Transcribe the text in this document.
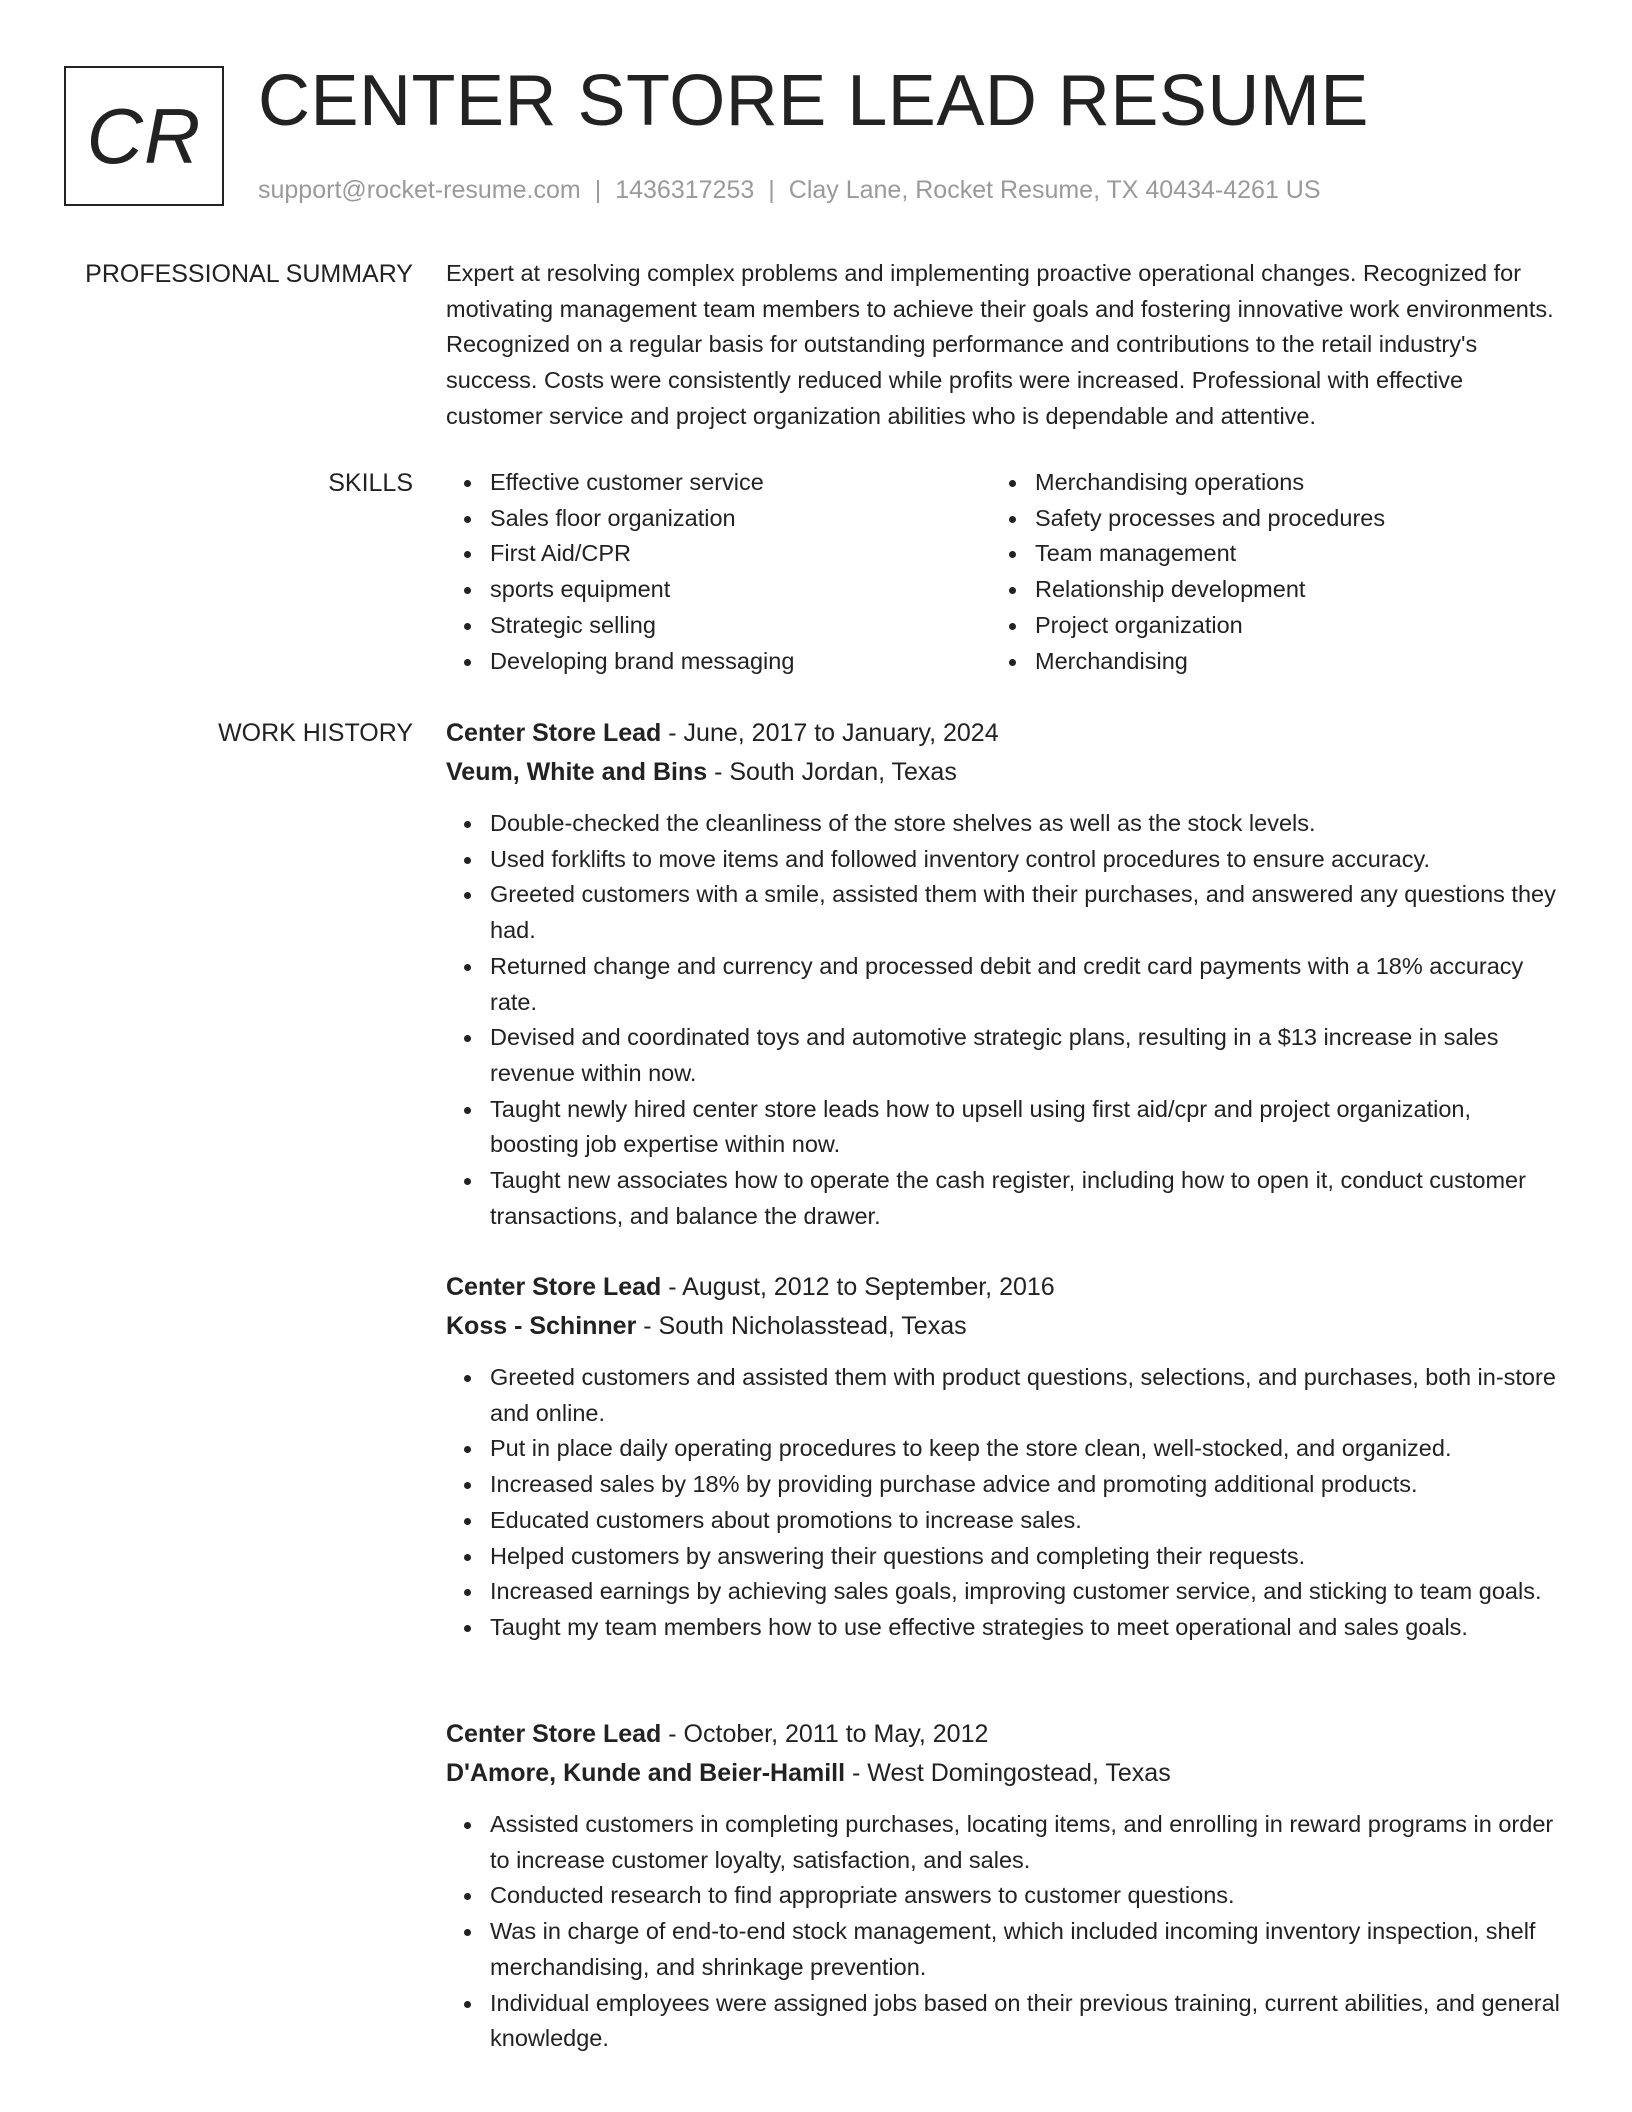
CR CENTER STORE LEAD RESUME
support@rocket-resume.com | 1436317253 | Clay Lane, Rocket Resume, TX 40434-4261 US
PROFESSIONAL SUMMARY Expert at resolving complex problems and implementing proactive operational changes. Recognized for motivating management team members to achieve their goals and fostering innovative work environments. Recognized on a regular basis for outstanding performance and contributions to the retail industry's success. Costs were consistently reduced while profits were increased. Professional with effective customer service and project organization abilities who is dependable and attentive.
SKILLS	Effective customer service
Sales floor organization
First Aid/CPR
sports equipment
Strategic selling
Developing brand messaging
Merchandising operations
Safety processes and procedures
Team management
Relationship development
Project organization
Merchandising
WORK HISTORY Center Store Lead - June, 2017 to January, 2024
Veum, White and Bins - South Jordan, Texas
Double-checked the cleanliness of the store shelves as well as the stock levels.
Used forklifts to move items and followed inventory control procedures to ensure accuracy.
Greeted customers with a smile, assisted them with their purchases, and answered any questions they had.
Returned change and currency and processed debit and credit card payments with a 18% accuracy rate.
Devised and coordinated toys and automotive strategic plans, resulting in a $13 increase in sales revenue within now.
Taught newly hired center store leads how to upsell using first aid/cpr and project organization, boosting job expertise within now.
Taught new associates how to operate the cash register, including how to open it, conduct customer transactions, and balance the drawer.
Center Store Lead - August, 2012 to September, 2016
Koss - Schinner - South Nicholasstead, Texas
Greeted customers and assisted them with product questions, selections, and purchases, both in-store and online.
Put in place daily operating procedures to keep the store clean, well-stocked, and organized.
Increased sales by 18% by providing purchase advice and promoting additional products.
Educated customers about promotions to increase sales.
Helped customers by answering their questions and completing their requests.
Increased earnings by achieving sales goals, improving customer service, and sticking to team goals.
Taught my team members how to use effective strategies to meet operational and sales goals.
Center Store Lead - October, 2011 to May, 2012
D'Amore, Kunde and Beier-Hamill - West Domingostead, Texas
Assisted customers in completing purchases, locating items, and enrolling in reward programs in order to increase customer loyalty, satisfaction, and sales.
Conducted research to find appropriate answers to customer questions.
Was in charge of end-to-end stock management, which included incoming inventory inspection, shelf merchandising, and shrinkage prevention.
Individual employees were assigned jobs based on their previous training, current abilities, and general knowledge.
